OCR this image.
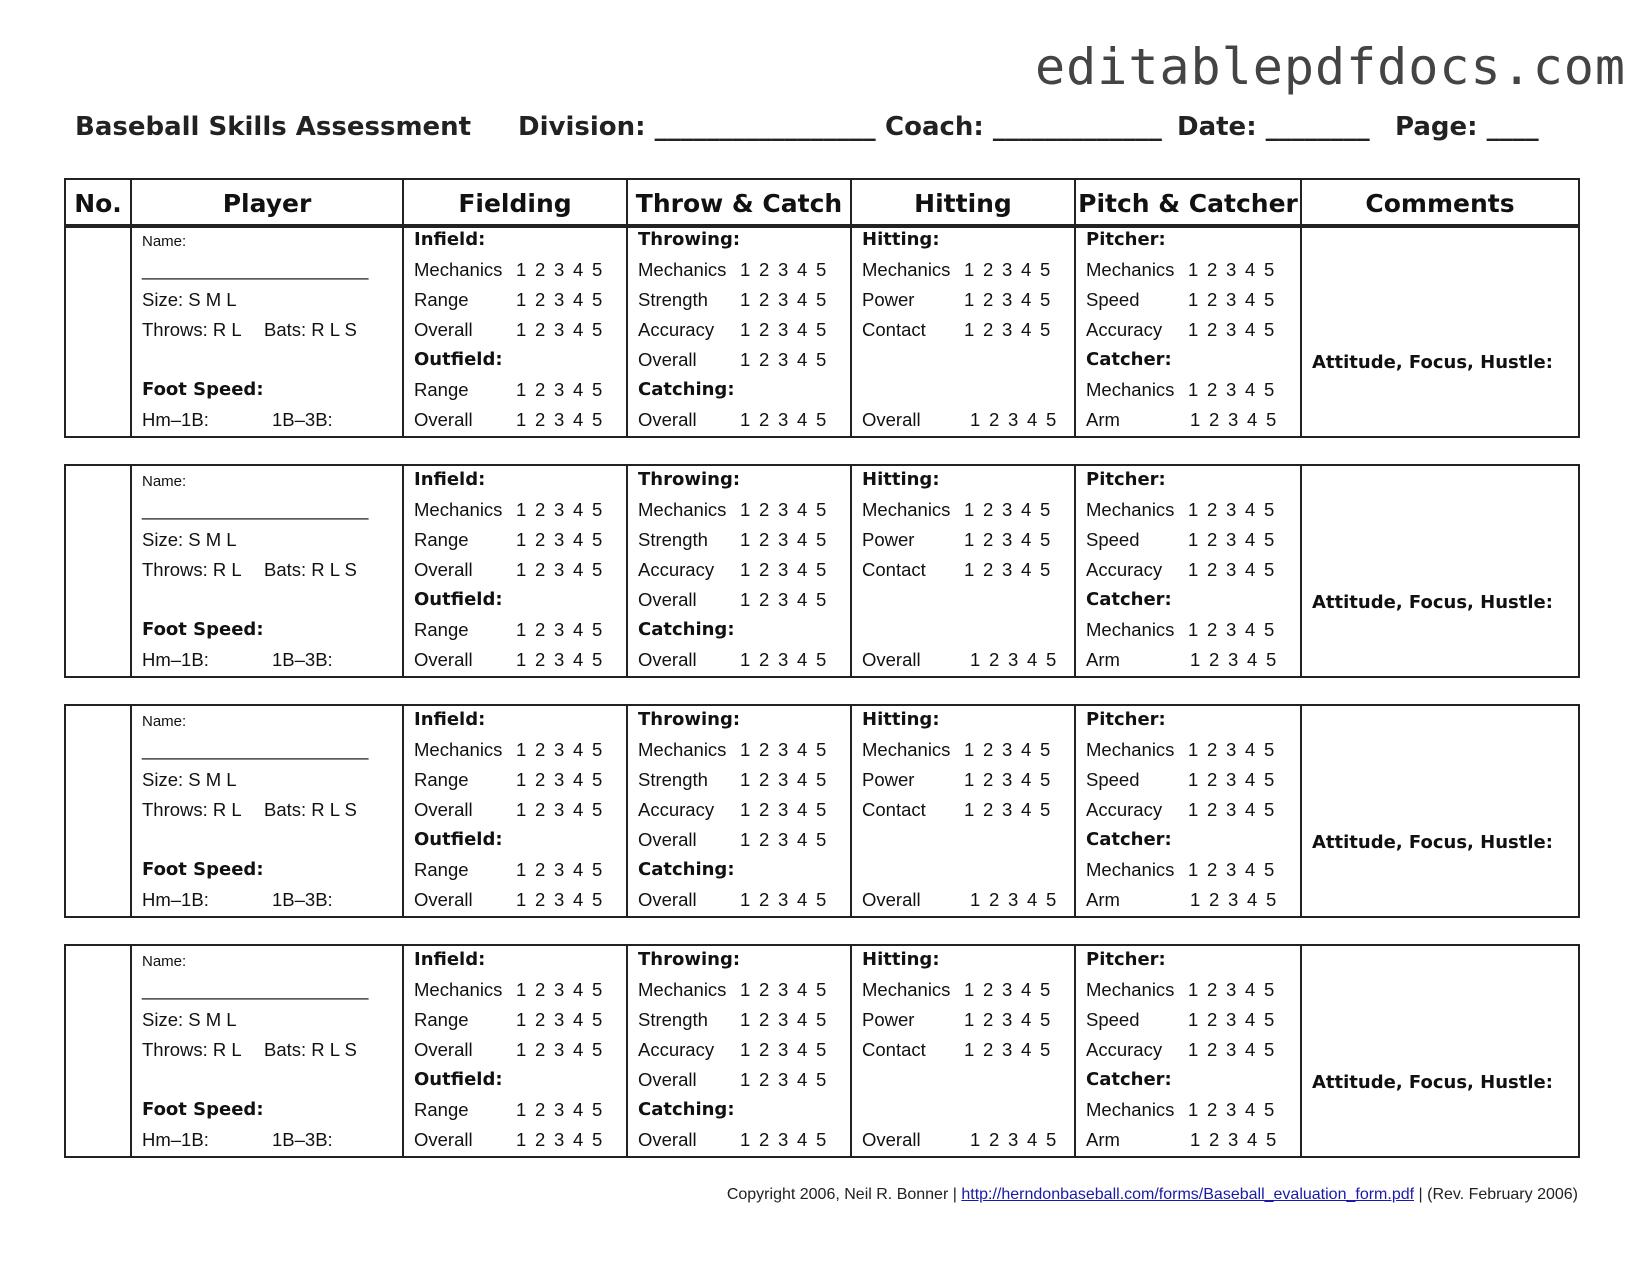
editablepdfdocs.com
Baseball Skills Assessment Division: _________________ Coach: _____________ Date: ________ Page: ____
No.	Player	Fielding	Throw & Catch	Hitting	Pitch & Catcher	Comments

Name:
______________________
Size: S M L
Throws: R L Bats: R L S
Foot Speed:
Hm–1B:	1B–3B:

Infield:
Mechanics 1 2 3 4 5
Range	1 2 3 4 5
Overall 1 2 3 4 5
Outfield:
Range	1 2 3 4 5
Overall 1 2 3 4 5

Throwing:
Mechanics 1 2 3 4 5
Strength 1 2 3 4 5
Accuracy 1 2 3 4 5
Overall 1 2 3 4 5
Catching:
Overall 1 2 3 4 5

Hitting:
Mechanics 1 2 3 4 5
Power	1 2 3 4 5
Contact 1 2 3 4 5
Overall	1 2 3 4 5

Pitcher:
Mechanics 1 2 3 4 5
Speed	1 2 3 4 5
Accuracy 1 2 3 4 5
Catcher:
Mechanics 1 2 3 4 5
Arm	1 2 3 4 5

Attitude, Focus, Hustle:

Name:
______________________
Size: S M L
Throws: R L Bats: R L S
Foot Speed:
Hm–1B:	1B–3B:

Infield:
Mechanics 1 2 3 4 5
Range	1 2 3 4 5
Overall 1 2 3 4 5
Outfield:
Range	1 2 3 4 5
Overall 1 2 3 4 5

Throwing:
Mechanics 1 2 3 4 5
Strength 1 2 3 4 5
Accuracy 1 2 3 4 5
Overall 1 2 3 4 5
Catching:
Overall 1 2 3 4 5

Hitting:
Mechanics 1 2 3 4 5
Power	1 2 3 4 5
Contact 1 2 3 4 5
Overall	1 2 3 4 5

Pitcher:
Mechanics 1 2 3 4 5
Speed	1 2 3 4 5
Accuracy 1 2 3 4 5
Catcher:
Mechanics 1 2 3 4 5
Arm	1 2 3 4 5

Attitude, Focus, Hustle:

Name:
______________________
Size: S M L
Throws: R L Bats: R L S
Foot Speed:
Hm–1B:	1B–3B:

Infield:
Mechanics 1 2 3 4 5
Range	1 2 3 4 5
Overall 1 2 3 4 5
Outfield:
Range	1 2 3 4 5
Overall 1 2 3 4 5

Throwing:
Mechanics 1 2 3 4 5
Strength 1 2 3 4 5
Accuracy 1 2 3 4 5
Overall 1 2 3 4 5
Catching:
Overall 1 2 3 4 5

Hitting:
Mechanics 1 2 3 4 5
Power	1 2 3 4 5
Contact 1 2 3 4 5
Overall	1 2 3 4 5

Pitcher:
Mechanics 1 2 3 4 5
Speed	1 2 3 4 5
Accuracy 1 2 3 4 5
Catcher:
Mechanics 1 2 3 4 5
Arm	1 2 3 4 5

Attitude, Focus, Hustle:

Name:
______________________
Size: S M L
Throws: R L Bats: R L S
Foot Speed:
Hm–1B:	1B–3B:

Infield:
Mechanics 1 2 3 4 5
Range	1 2 3 4 5
Overall 1 2 3 4 5
Outfield:
Range	1 2 3 4 5
Overall 1 2 3 4 5

Throwing:
Mechanics 1 2 3 4 5
Strength 1 2 3 4 5
Accuracy 1 2 3 4 5
Overall 1 2 3 4 5
Catching:
Overall 1 2 3 4 5

Hitting:
Mechanics 1 2 3 4 5
Power	1 2 3 4 5
Contact 1 2 3 4 5
Overall	1 2 3 4 5

Pitcher:
Mechanics 1 2 3 4 5
Speed	1 2 3 4 5
Accuracy 1 2 3 4 5
Catcher:
Mechanics 1 2 3 4 5
Arm	1 2 3 4 5

Attitude, Focus, Hustle:
Copyright 2006, Neil R. Bonner | http://herndonbaseball.com/forms/Baseball_evaluation_form.pdf | (Rev. February 2006)
